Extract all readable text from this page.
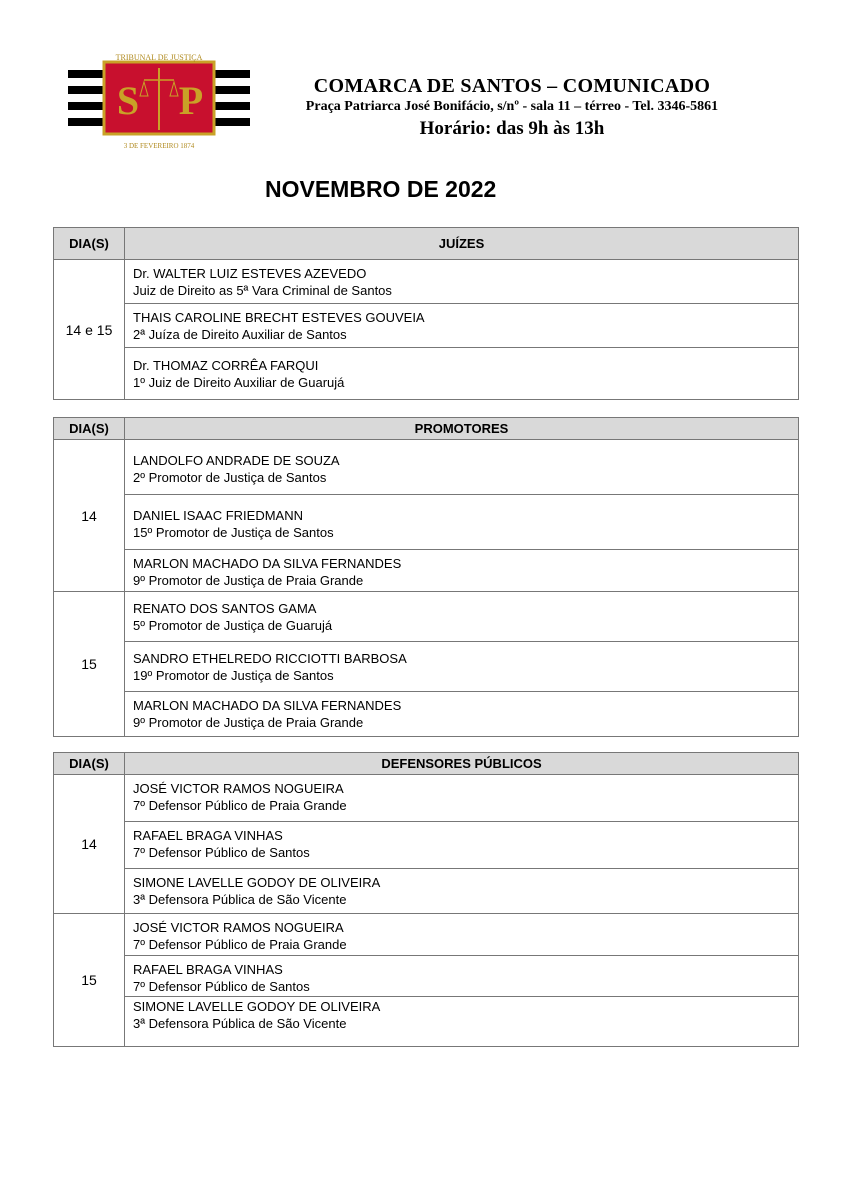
S P
TRIBUNAL DE JUSTIÇA
3 DE FEVEREIRO 1874
COMARCA DE SANTOS – COMUNICADO
Praça Patriarca José Bonifácio, s/nº - sala 11 – térreo - Tel. 3346-5861
Horário: das 9h às 13h
NOVEMBRO DE 2022
DIA(S)	JUÍZES
14 e 15	Dr. WALTER LUIZ ESTEVES AZEVEDO
Juiz de Direito as 5ª Vara Criminal de Santos

	THAIS CAROLINE BRECHT ESTEVES GOUVEIA
2ª Juíza de Direito Auxiliar de Santos

	Dr. THOMAZ CORRÊA FARQUI
1º Juiz de Direito Auxiliar de Guarujá
DIA(S)	PROMOTORES
14	LANDOLFO ANDRADE DE SOUZA
2º Promotor de Justiça de Santos

	DANIEL ISAAC FRIEDMANN
15º Promotor de Justiça de Santos

	MARLON MACHADO DA SILVA FERNANDES
9º Promotor de Justiça de Praia Grande

15	RENATO DOS SANTOS GAMA
5º Promotor de Justiça de Guarujá

	SANDRO ETHELREDO RICCIOTTI BARBOSA
19º Promotor de Justiça de Santos

	MARLON MACHADO DA SILVA FERNANDES
9º Promotor de Justiça de Praia Grande
DIA(S)	DEFENSORES PÚBLICOS
14	JOSÉ VICTOR RAMOS NOGUEIRA
7º Defensor Público de Praia Grande

	RAFAEL BRAGA VINHAS
7º Defensor Público de Santos

	SIMONE LAVELLE GODOY DE OLIVEIRA
3ª Defensora Pública de São Vicente

15	JOSÉ VICTOR RAMOS NOGUEIRA
7º Defensor Público de Praia Grande

	RAFAEL BRAGA VINHAS
7º Defensor Público de Santos

	SIMONE LAVELLE GODOY DE OLIVEIRA
3ª Defensora Pública de São Vicente
